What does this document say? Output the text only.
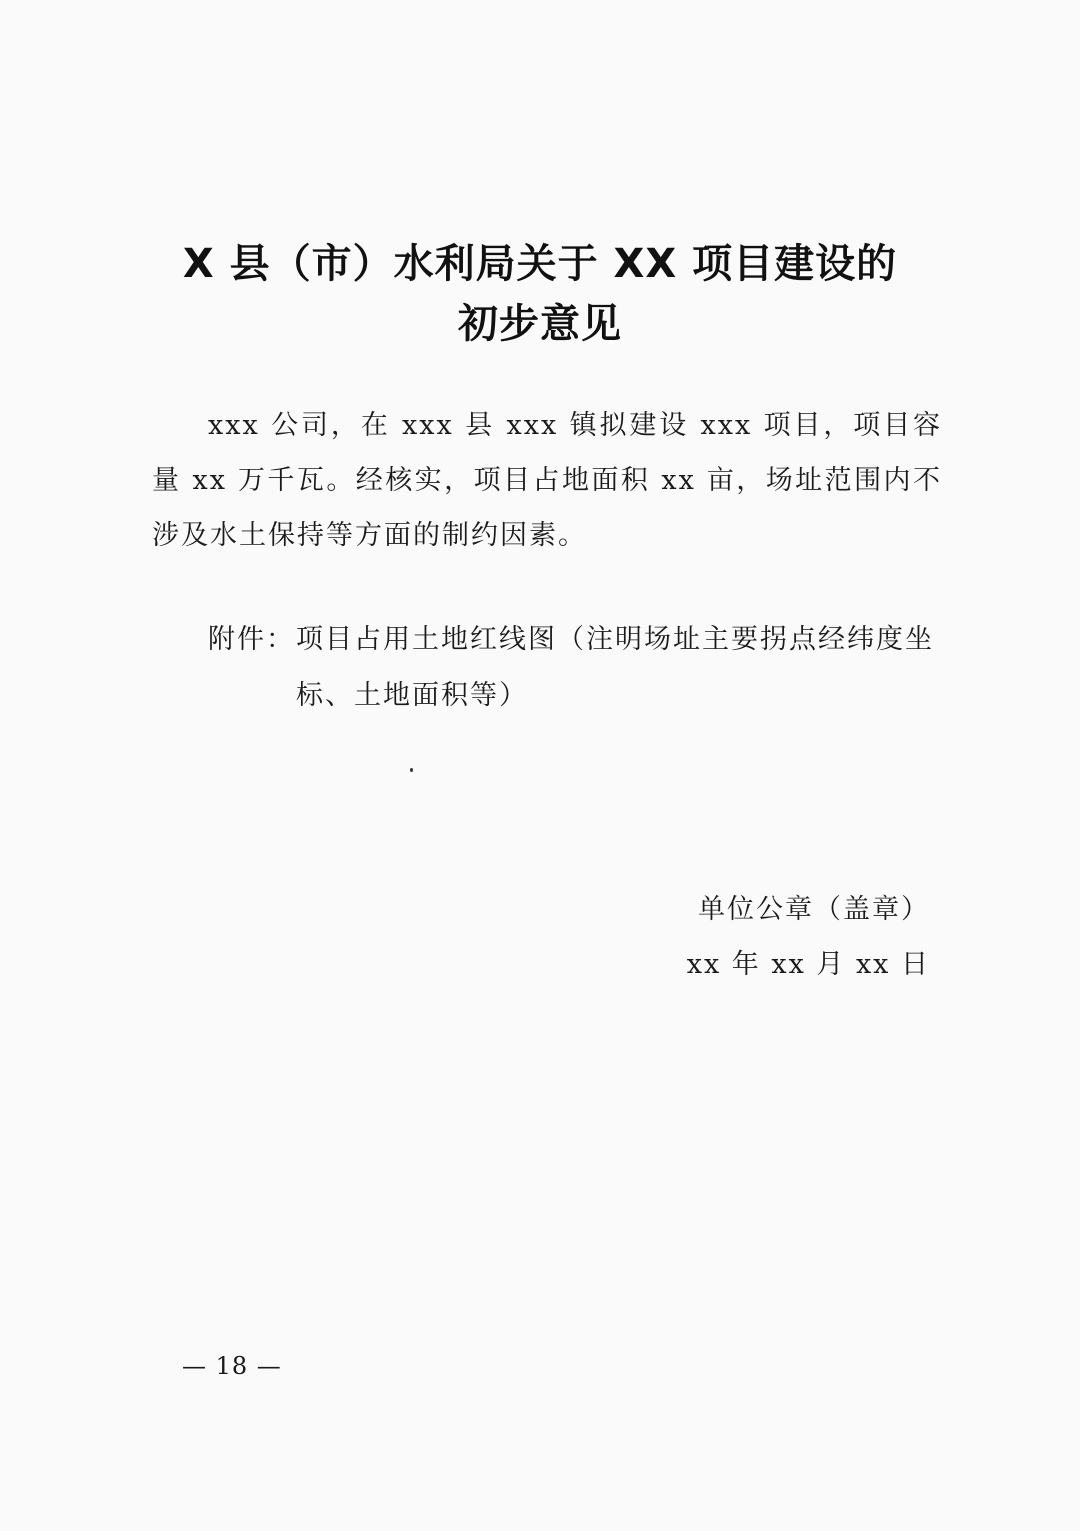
X 县（市）水利局关于 XX 项目建设的
初步意见
xxx 公司，在 xxx 县 xxx 镇拟建设 xxx 项目，项目容量 xx 万千瓦。经核实，项目占地面积 xx 亩，场址范围内不涉及水土保持等方面的制约因素。
附件： 项目占用土地红线图（注明场址主要拐点经纬度坐标、土地面积等）
单位公章（盖章）
xx 年 xx 月 xx 日
— 18 —
